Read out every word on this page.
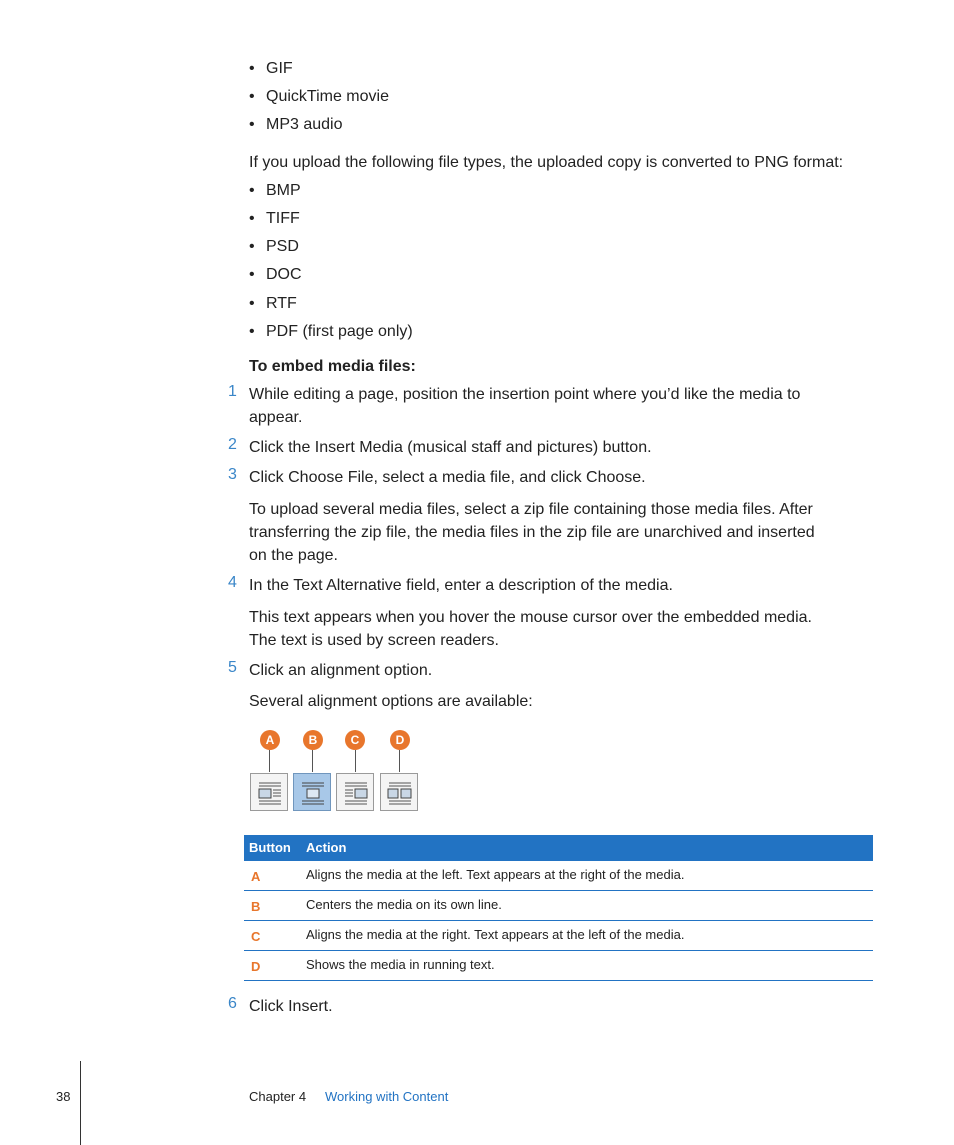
• GIF
• QuickTime movie
• MP3 audio
If you upload the following file types, the uploaded copy is converted to PNG format:
• BMP
• TIFF
• PSD
• DOC
• RTF
• PDF (first page only)
To embed media files:
1 While editing a page, position the insertion point where you’d like the media to appear.
2 Click the Insert Media (musical staff and pictures) button.
3 Click Choose File, select a media file, and click Choose.
To upload several media files, select a zip file containing those media files. After transferring the zip file, the media files in the zip file are unarchived and inserted on the page.
4 In the Text Alternative field, enter a description of the media.
This text appears when you hover the mouse cursor over the embedded media. The text is used by screen readers.
5 Click an alignment option.
Several alignment options are available:
A	B	C	D
Button Action
A	Aligns the media at the left. Text appears at the right of the media.
B	Centers the media on its own line.
C	Aligns the media at the right. Text appears at the left of the media.
D	Shows the media in running text.
6 Click Insert.
38	Chapter 4 Working with Content
